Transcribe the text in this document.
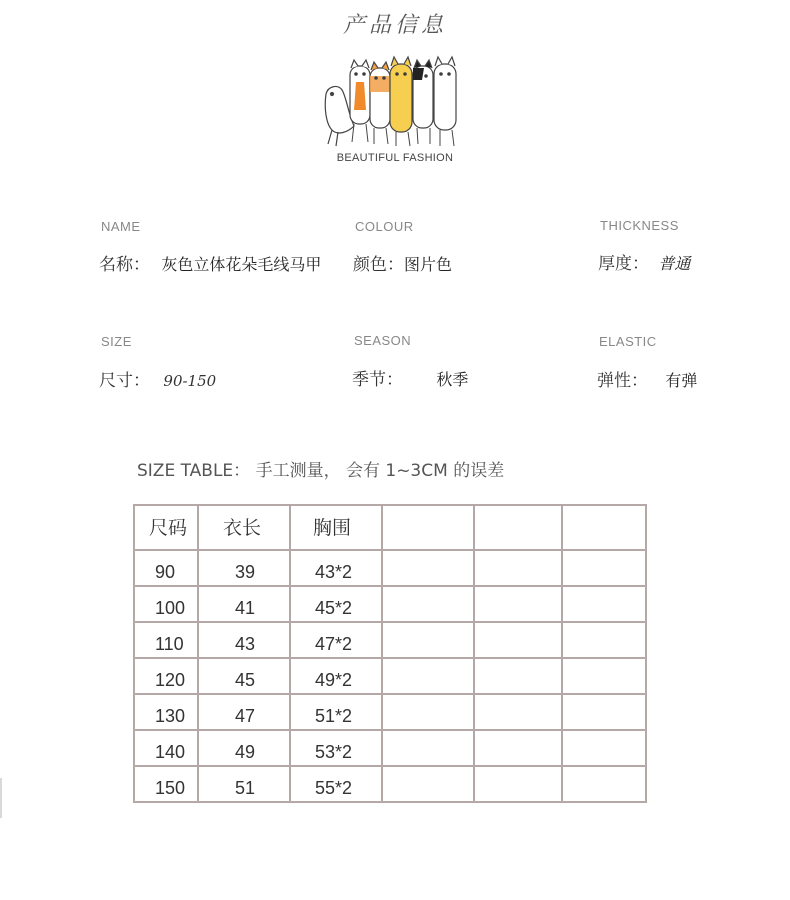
产品信息
BEAUTIFUL FASHION
NAME
名称： 灰色立体花朵毛线马甲
COLOUR
颜色：图片色
THICKNESS
厚度： 普通
SIZE
尺寸： 90-150
SEASON
季节： 秋季
ELASTIC
弹性： 有弹
SIZE TABLE： 手工测量， 会有 1~3CM 的误差
尺码	衣长	胸围			

90	39	43*2			

100	41	45*2			

110	43	47*2			

120	45	49*2			

130	47	51*2			

140	49	53*2			

150	51	55*2			
